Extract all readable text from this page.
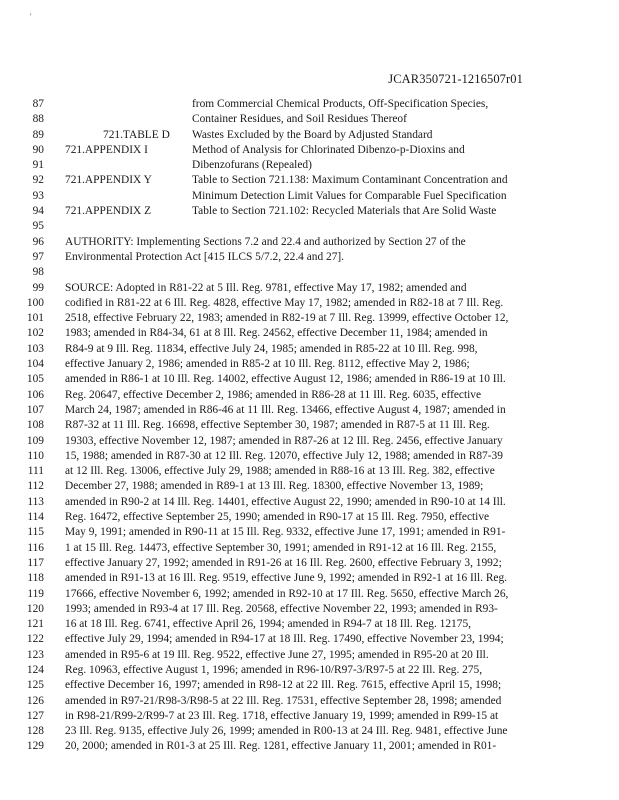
'
JCAR350721-1216507r01
87	from Commercial Chemical Products, Off-Specification Species,
88	Container Residues, and Soil Residues Thereof
89	721.TABLE D Wastes Excluded by the Board by Adjusted Standard
90 721.APPENDIX I	Method of Analysis for Chlorinated Dibenzo-p-Dioxins and
91	Dibenzofurans (Repealed)
92 721.APPENDIX Y	Table to Section 721.138: Maximum Contaminant Concentration and
93	Minimum Detection Limit Values for Comparable Fuel Specification
94 721.APPENDIX Z	Table to Section 721.102: Recycled Materials that Are Solid Waste
95
96 AUTHORITY: Implementing Sections 7.2 and 22.4 and authorized by Section 27 of the
97 Environmental Protection Act [415 ILCS 5/7.2, 22.4 and 27].
98
99 SOURCE: Adopted in R81-22 at 5 Ill. Reg. 9781, effective May 17, 1982; amended and
100 codified in R81-22 at 6 Ill. Reg. 4828, effective May 17, 1982; amended in R82-18 at 7 Ill. Reg.
101 2518, effective February 22, 1983; amended in R82-19 at 7 Ill. Reg. 13999, effective October 12,
102 1983; amended in R84-34, 61 at 8 Ill. Reg. 24562, effective December 11, 1984; amended in
103 R84-9 at 9 Ill. Reg. 11834, effective July 24, 1985; amended in R85-22 at 10 Ill. Reg. 998,
104 effective January 2, 1986; amended in R85-2 at 10 Ill. Reg. 8112, effective May 2, 1986;
105 amended in R86-1 at 10 Ill. Reg. 14002, effective August 12, 1986; amended in R86-19 at 10 Ill.
106 Reg. 20647, effective December 2, 1986; amended in R86-28 at 11 Ill. Reg. 6035, effective
107 March 24, 1987; amended in R86-46 at 11 Ill. Reg. 13466, effective August 4, 1987; amended in
108 R87-32 at 11 Ill. Reg. 16698, effective September 30, 1987; amended in R87-5 at 11 Ill. Reg.
109 19303, effective November 12, 1987; amended in R87-26 at 12 Ill. Reg. 2456, effective January
110 15, 1988; amended in R87-30 at 12 Ill. Reg. 12070, effective July 12, 1988; amended in R87-39
111 at 12 Ill. Reg. 13006, effective July 29, 1988; amended in R88-16 at 13 Ill. Reg. 382, effective
112 December 27, 1988; amended in R89-1 at 13 Ill. Reg. 18300, effective November 13, 1989;
113 amended in R90-2 at 14 Ill. Reg. 14401, effective August 22, 1990; amended in R90-10 at 14 Ill.
114 Reg. 16472, effective September 25, 1990; amended in R90-17 at 15 Ill. Reg. 7950, effective
115 May 9, 1991; amended in R90-11 at 15 Ill. Reg. 9332, effective June 17, 1991; amended in R91-
116 1 at 15 Ill. Reg. 14473, effective September 30, 1991; amended in R91-12 at 16 Ill. Reg. 2155,
117 effective January 27, 1992; amended in R91-26 at 16 Ill. Reg. 2600, effective February 3, 1992;
118 amended in R91-13 at 16 Ill. Reg. 9519, effective June 9, 1992; amended in R92-1 at 16 Ill. Reg.
119 17666, effective November 6, 1992; amended in R92-10 at 17 Ill. Reg. 5650, effective March 26,
120 1993; amended in R93-4 at 17 Ill. Reg. 20568, effective November 22, 1993; amended in R93-
121 16 at 18 Ill. Reg. 6741, effective April 26, 1994; amended in R94-7 at 18 Ill. Reg. 12175,
122 effective July 29, 1994; amended in R94-17 at 18 Ill. Reg. 17490, effective November 23, 1994;
123 amended in R95-6 at 19 Ill. Reg. 9522, effective June 27, 1995; amended in R95-20 at 20 Ill.
124 Reg. 10963, effective August 1, 1996; amended in R96-10/R97-3/R97-5 at 22 Ill. Reg. 275,
125 effective December 16, 1997; amended in R98-12 at 22 Ill. Reg. 7615, effective April 15, 1998;
126 amended in R97-21/R98-3/R98-5 at 22 Ill. Reg. 17531, effective September 28, 1998; amended
127 in R98-21/R99-2/R99-7 at 23 Ill. Reg. 1718, effective January 19, 1999; amended in R99-15 at
128 23 Ill. Reg. 9135, effective July 26, 1999; amended in R00-13 at 24 Ill. Reg. 9481, effective June
129 20, 2000; amended in R01-3 at 25 Ill. Reg. 1281, effective January 11, 2001; amended in R01-
